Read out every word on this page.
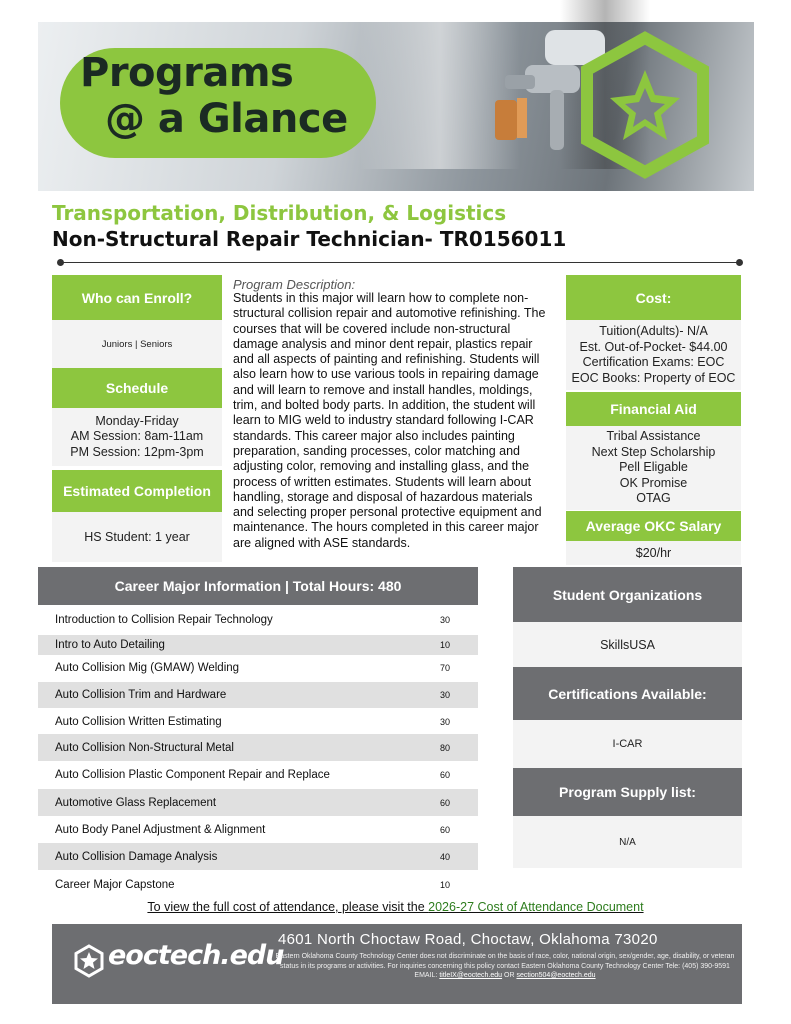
Programs
@ a Glance
Transportation, Distribution, & Logistics
Non-Structural Repair Technician- TR0156011
Who can Enroll?
Juniors | Seniors
Schedule
Monday-Friday
AM Session: 8am-11am
PM Session: 12pm-3pm
Estimated Completion
HS Student: 1 year
Program Description:
Students in this major will learn how to complete non-structural collision repair and automotive refinishing. The courses that will be covered include non-structural damage analysis and minor dent repair, plastics repair and all aspects of painting and refinishing. Students will also learn how to use various tools in repairing damage and will learn to remove and install handles, moldings, trim, and bolted body parts. In addition, the student will learn to MIG weld to industry standard following I-CAR standards. This career major also includes painting preparation, sanding processes, color matching and adjusting color, removing and installing glass, and the process of written estimates. Students will learn about handling, storage and disposal of hazardous materials and selecting proper personal protective equipment and maintenance. The hours completed in this career major are aligned with ASE standards.
Cost:
Tuition(Adults)- N/A
Est. Out-of-Pocket- $44.00
Certification Exams: EOC
EOC Books: Property of EOC
Financial Aid
Tribal Assistance
Next Step Scholarship
Pell Eligable
OK Promise
OTAG
Average OKC Salary
$20/hr
Career Major Information | Total Hours: 480
Introduction to Collision Repair Technology	30
Intro to Auto Detailing	10
Auto Collision Mig (GMAW) Welding	70
Auto Collision Trim and Hardware	30
Auto Collision Written Estimating	30
Auto Collision Non-Structural Metal	80
Auto Collision Plastic Component Repair and Replace	60
Automotive Glass Replacement	60
Auto Body Panel Adjustment & Alignment	60
Auto Collision Damage Analysis	40
Career Major Capstone	10
Student Organizations
SkillsUSA
Certifications Available:
I-CAR
Program Supply list:
N/A
To view the full cost of attendance, please visit the 2026-27 Cost of Attendance Document
eoctech.edu
4601 North Choctaw Road, Choctaw, Oklahoma 73020
Eastern Oklahoma County Technology Center does not discriminate on the basis of race, color, national origin, sex/gender, age, disability, or veteran status in its programs or activities. For inquiries concerning this policy contact Eastern Oklahoma County Technology Center Tele: (405) 390-9591
EMAIL: titleIX@eoctech.edu OR section504@eoctech.edu
